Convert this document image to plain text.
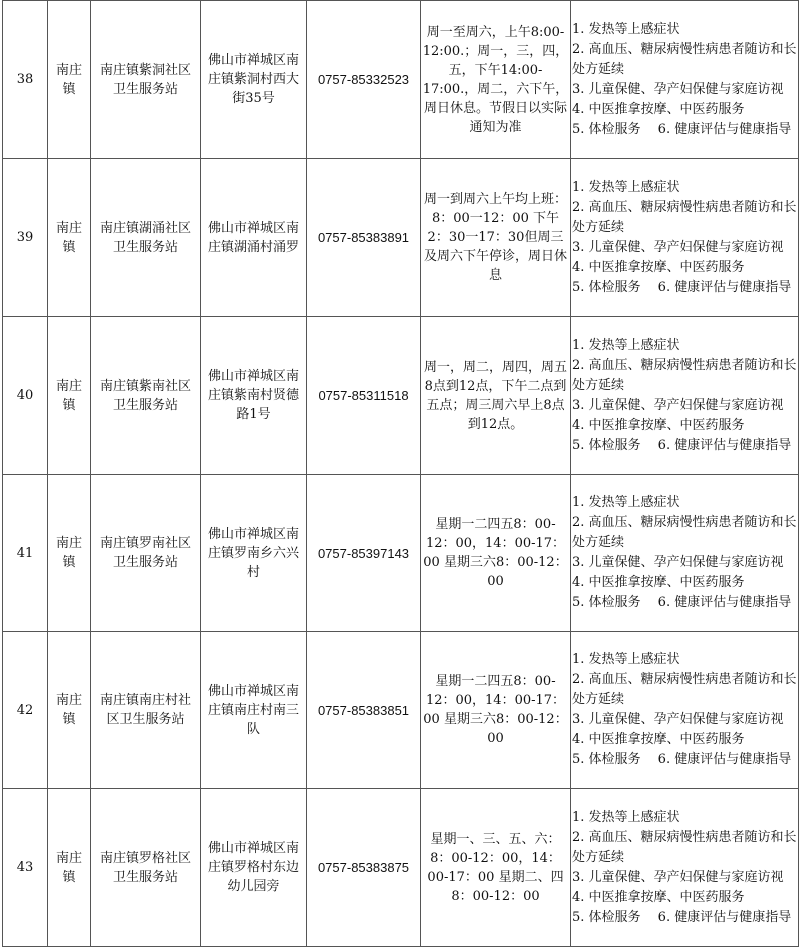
38	南庄镇	南庄镇紫洞社区卫生服务站	佛山市禅城区南庄镇紫洞村西大街35号	0757-85332523	周一至周六，上午8:00-12:00.；周一，三，四，五，下午14:00-17:00.，周二，六下午，周日休息。节假日以实际通知为准	1. 发热等上感症状
2. 高血压、糖尿病慢性病患者随访和长处方延续
3. 儿童保健、孕产妇保健与家庭访视
4. 中医推拿按摩、中医药服务
5. 体检服务　 6. 健康评估与健康指导

39	南庄镇	南庄镇湖涌社区卫生服务站	佛山市禅城区南庄镇湖涌村涌罗	0757-85383891	周一到周六上午均上班：8：00一12：00 下午2：30一17：30但周三及周六下午停诊，周日休息	1. 发热等上感症状
2. 高血压、糖尿病慢性病患者随访和长处方延续
3. 儿童保健、孕产妇保健与家庭访视
4. 中医推拿按摩、中医药服务
5. 体检服务　 6. 健康评估与健康指导

40	南庄镇	南庄镇紫南社区卫生服务站	佛山市禅城区南庄镇紫南村贤德路1号	0757-85311518	周一，周二，周四，周五8点到12点，下午二点到五点；周三周六早上8点到12点。	1. 发热等上感症状
2. 高血压、糖尿病慢性病患者随访和长处方延续
3. 儿童保健、孕产妇保健与家庭访视
4. 中医推拿按摩、中医药服务
5. 体检服务　 6. 健康评估与健康指导

41	南庄镇	南庄镇罗南社区卫生服务站	佛山市禅城区南庄镇罗南乡六兴村	0757-85397143	星期一二四五8：00-12：00，14：00-17：00 星期三六8：00-12：00	1. 发热等上感症状
2. 高血压、糖尿病慢性病患者随访和长处方延续
3. 儿童保健、孕产妇保健与家庭访视
4. 中医推拿按摩、中医药服务
5. 体检服务　 6. 健康评估与健康指导

42	南庄镇	南庄镇南庄村社区卫生服务站	佛山市禅城区南庄镇南庄村南三队	0757-85383851	星期一二四五8：00-12：00，14：00-17：00 星期三六8：00-12：00	1. 发热等上感症状
2. 高血压、糖尿病慢性病患者随访和长处方延续
3. 儿童保健、孕产妇保健与家庭访视
4. 中医推拿按摩、中医药服务
5. 体检服务　 6. 健康评估与健康指导

43	南庄镇	南庄镇罗格社区卫生服务站	佛山市禅城区南庄镇罗格村东边幼儿园旁	0757-85383875	星期一、三、五、六：8：00-12：00，14：00-17：00 星期二、四8：00-12：00	1. 发热等上感症状
2. 高血压、糖尿病慢性病患者随访和长处方延续
3. 儿童保健、孕产妇保健与家庭访视
4. 中医推拿按摩、中医药服务
5. 体检服务　 6. 健康评估与健康指导
